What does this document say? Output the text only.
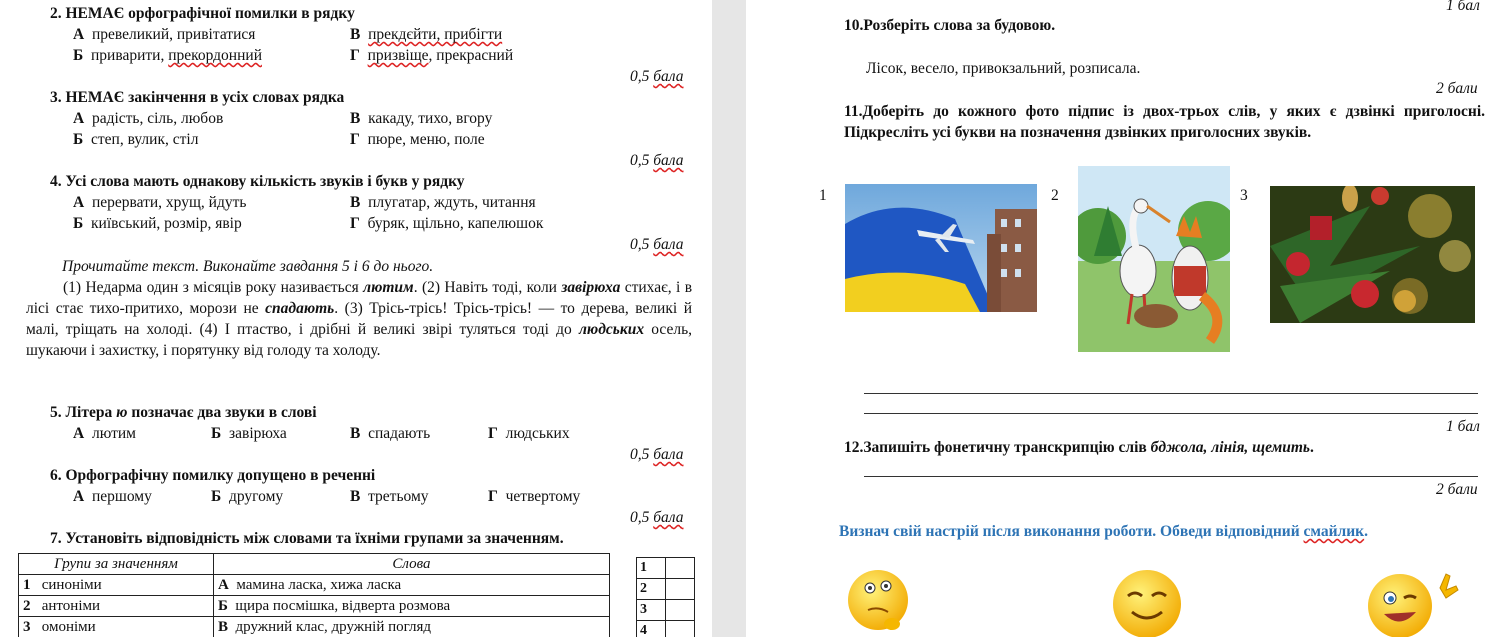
2. НЕМАЄ орфографічної помилки в рядку
А превеликий, привітатися
Б приварити, прекордонний
В прекдєйти, прибігти
Г призвіще, прекрасний
0,5 бала
3. НЕМАЄ закінчення в усіх словах рядка
А радість, сіль, любов
Б степ, вулик, стіл
В какаду, тихо, вгору
Г пюре, меню, поле
0,5 бала
4. Усі слова мають однакову кількість звуків і букв у рядку
А перервати, хрущ, йдуть
Б київський, розмір, явір
В плугатар, ждуть, читання
Г буряк, щільно, капелюшок
0,5 бала
Прочитайте текст. Виконайте завдання 5 і 6 до нього.
(1) Недарма один з місяців року називається лютим. (2) Навіть тоді, коли завірюха стихає, і в лісі стає тихо-притихо, морози не спадають. (3) Трісь-трісь! Трісь-трісь! — то дерева, великі й малі, тріщать на холоді. (4) І птаство, і дрібні й великі звірі туляться тоді до людських осель, шукаючи і захистку, і порятунку від голоду та холоду.
5. Літера ю позначає два звуки в слові
А лютим	Б завірюха	В спадають	Г людських
0,5 бала
6. Орфографічну помилку допущено в реченні
А першому	Б другому	В третьому	Г четвертому
0,5 бала
7. Установіть відповідність між словами та їхніми групами за значенням.
Групи за значенням	Слова
1 синоніми	А мамина ласка, хижа ласка
2 антоніми	Б щира посмішка, відверта розмова
3 омоніми	В дружний клас, дружній погляд
1	
2	
3	
4	
1 бал
10.Розберіть слова за будовою.
Лісок, весело, привокзальний, розписала.
2 бали
11.Доберіть до кожного фото підпис із двох-трьох слів, у яких є дзвінкі приголосні. Підкресліть усі букви на позначення дзвінких приголосних звуків.
1	2	3
1 бал
12.Запишіть фонетичну транскрипцію слів бджола, лінія, щемить.
2 бали
Визнач свій настрій після виконання роботи. Обведи відповідний смайлик.
